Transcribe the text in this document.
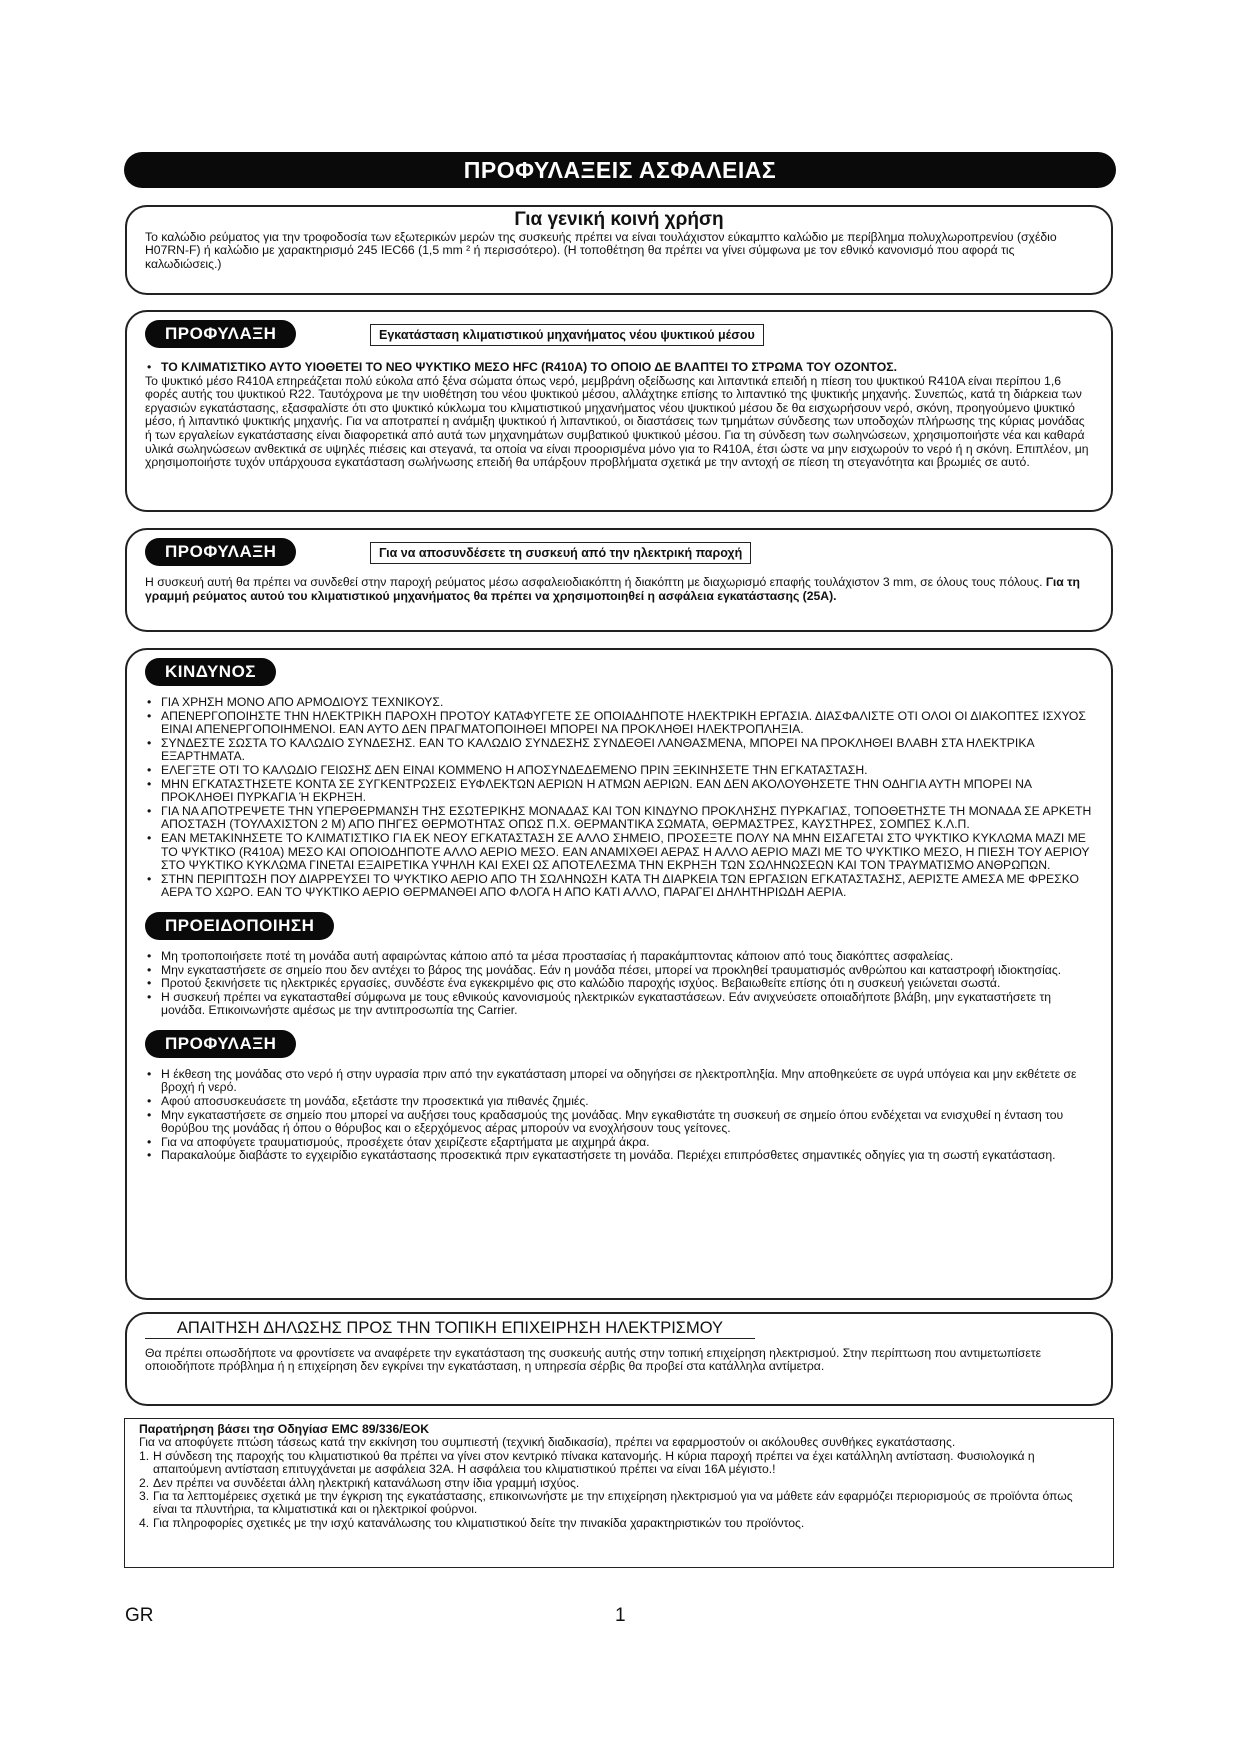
ΠΡΟΦΥΛΑΞΕΙΣ ΑΣΦΑΛΕΙΑΣ

Για γενική κοινή χρήση

Το καλώδιο ρεύματος για την τροφοδοσία των εξωτερικών μερών της συσκευής πρέπει να είναι τουλάχιστον εύκαμπτο καλώδιο με περίβλημα πολυχλωροπρενίου (σχέδιο H07RN-F) ή καλώδιο με χαρακτηρισμό 245 IEC66 (1,5 mm ² ή περισσότερο). (Η τοποθέτηση θα πρέπει να γίνει σύμφωνα με τον εθνικό κανονισμό που αφορά τις καλωδιώσεις.)

ΠΡΟΦΥΛΑΞΗ	Εγκατάσταση κλιματιστικού μηχανήματος νέου ψυκτικού μέσου
• ΤΟ ΚΛΙΜΑΤΙΣΤΙΚΟ ΑΥΤΟ ΥΙΟΘΕΤΕΙ ΤΟ ΝΕΟ ΨΥΚΤΙΚΟ ΜΕΣΟ HFC (R410A) ΤΟ ΟΠΟΙΟ ΔΕ ΒΛΑΠΤΕΙ ΤΟ ΣΤΡΩΜΑ ΤΟΥ ΟΖΟΝΤΟΣ.

Το ψυκτικό μέσο R410A επηρεάζεται πολύ εύκολα από ξένα σώματα όπως νερό, μεμβράνη οξείδωσης και λιπαντικά επειδή η πίεση του ψυκτικού R410A είναι περίπου 1,6 φορές αυτής του ψυκτικού R22. Ταυτόχρονα με την υιοθέτηση του νέου ψυκτικού μέσου, αλλάχτηκε επίσης το λιπαντικό της ψυκτικής μηχανής. Συνεπώς, κατά τη διάρκεια των εργασιών εγκατάστασης, εξασφαλίστε ότι στο ψυκτικό κύκλωμα του κλιματιστικού μηχανήματος νέου ψυκτικού μέσου δε θα εισχωρήσουν νερό, σκόνη, προηγούμενο ψυκτικό μέσο, ή λιπαντικό ψυκτικής μηχανής. Για να αποτραπεί η ανάμιξη ψυκτικού ή λιπαντικού, οι διαστάσεις των τμημάτων σύνδεσης των υποδοχών πλήρωσης της κύριας μονάδας ή των εργαλείων εγκατάστασης είναι διαφορετικά από αυτά των μηχανημάτων συμβατικού ψυκτικού μέσου. Για τη σύνδεση των σωληνώσεων, χρησιμοποιήστε νέα και καθαρά υλικά σωληνώσεων ανθεκτικά σε υψηλές πιέσεις και στεγανά, τα οποία να είναι προορισμένα μόνο για το R410A, έτσι ώστε να μην εισχωρούν το νερό ή η σκόνη. Επιπλέον, μη χρησιμοποιήστε τυχόν υπάρχουσα εγκατάσταση σωλήνωσης επειδή θα υπάρξουν προβλήματα σχετικά με την αντοχή σε πίεση τη στεγανότητα και βρωμιές σε αυτό.

ΠΡΟΦΥΛΑΞΗ	Για να αποσυνδέσετε τη συσκευή από την ηλεκτρική παροχή

Η συσκευή αυτή θα πρέπει να συνδεθεί στην παροχή ρεύματος μέσω ασφαλειοδιακόπτη ή διακόπτη με διαχωρισμό επαφής τουλάχιστον 3 mm, σε όλους τους πόλους. Για τη γραμμή ρεύματος αυτού του κλιματιστικού μηχανήματος θα πρέπει να χρησιμοποιηθεί η ασφάλεια εγκατάστασης (25A).

ΚΙΝΔΥΝΟΣ
• ΓΙΑ ΧΡΗΣΗ ΜΟΝΟ ΑΠΟ ΑΡΜΟΔΙΟΥΣ ΤΕΧΝΙΚΟΥΣ.
• ΑΠΕΝΕΡΓΟΠΟΙΗΣΤΕ ΤΗΝ ΗΛΕΚΤΡΙΚΗ ΠΑΡΟΧΗ ΠΡΟΤΟΥ ΚΑΤΑΦΥΓΕΤΕ ΣΕ ΟΠΟΙΑΔΗΠΟΤΕ ΗΛΕΚΤΡΙΚΗ ΕΡΓΑΣΙΑ. ΔΙΑΣΦΑΛΙΣΤΕ ΟΤΙ ΟΛΟΙ ΟΙ ΔΙΑΚΟΠΤΕΣ ΙΣΧΥΟΣ ΕΙΝΑΙ ΑΠΕΝΕΡΓΟΠΟΙΗΜΕΝΟΙ. ΕΑΝ ΑΥΤΟ ΔΕΝ ΠΡΑΓΜΑΤΟΠΟΙΗΘΕΙ ΜΠΟΡΕΙ ΝΑ ΠΡΟΚΛΗΘΕΙ ΗΛΕΚΤΡΟΠΛΗΞΙΑ.
• ΣΥΝΔΕΣΤΕ ΣΩΣΤΑ ΤΟ ΚΑΛΩΔΙΟ ΣΥΝΔΕΣΗΣ. ΕΑΝ ΤΟ ΚΑΛΩΔΙΟ ΣΥΝΔΕΣΗΣ ΣΥΝΔΕΘΕΙ ΛΑΝΘΑΣΜΕΝΑ, ΜΠΟΡΕΙ ΝΑ ΠΡΟΚΛΗΘΕΙ ΒΛΑΒΗ ΣΤΑ ΗΛΕΚΤΡΙΚΑ ΕΞΑΡΤΗΜΑΤΑ.
• ΕΛΕΓΞΤΕ ΟΤΙ ΤΟ ΚΑΛΩΔΙΟ ΓΕΙΩΣΗΣ ΔΕΝ ΕΙΝΑΙ ΚΟΜΜΕΝΟ Η ΑΠΟΣΥΝΔΕΔΕΜΕΝΟ ΠΡΙΝ ΞΕΚΙΝΗΣΕΤΕ ΤΗΝ ΕΓΚΑΤΑΣΤΑΣΗ.
• ΜΗΝ ΕΓΚΑΤΑΣΤΗΣΕΤΕ ΚΟΝΤΑ ΣΕ ΣΥΓΚΕΝΤΡΩΣΕΙΣ ΕΥΦΛΕΚΤΩΝ ΑΕΡΙΩΝ Η ΑΤΜΩΝ ΑΕΡΙΩΝ. ΕΑΝ ΔΕΝ ΑΚΟΛΟΥΘΗΣΕΤΕ ΤΗΝ ΟΔΗΓΙΑ ΑΥΤΗ ΜΠΟΡΕΙ ΝΑ ΠΡΟΚΛΗΘΕΙ ΠΥΡΚΑΓΙΑ Ή ΕΚΡΗΞΗ.
• ΓΙΑ ΝΑ ΑΠΟΤΡΕΨΕΤΕ ΤΗΝ ΥΠΕΡΘΕΡΜΑΝΣΗ ΤΗΣ ΕΣΩΤΕΡΙΚΗΣ ΜΟΝΑΔΑΣ ΚΑΙ ΤΟΝ ΚΙΝΔΥΝΟ ΠΡΟΚΛΗΣΗΣ ΠΥΡΚΑΓΙΑΣ, ΤΟΠΟΘΕΤΗΣΤΕ ΤΗ ΜΟΝΑΔΑ ΣΕ ΑΡΚΕΤΗ ΑΠΟΣΤΑΣΗ (ΤΟΥΛΑΧΙΣΤΟΝ 2 Μ) ΑΠΟ ΠΗΓΕΣ ΘΕΡΜΟΤΗΤΑΣ ΟΠΩΣ Π.Χ. ΘΕΡΜΑΝΤΙΚΑ ΣΩΜΑΤΑ, ΘΕΡΜΑΣΤΡΕΣ, ΚΑΥΣΤΗΡΕΣ, ΣΟΜΠΕΣ Κ.Λ.Π.
• ΕΑΝ ΜΕΤΑΚΙΝΗΣΕΤΕ ΤΟ ΚΛΙΜΑΤΙΣΤΙΚΟ ΓΙΑ ΕΚ ΝΕΟΥ ΕΓΚΑΤΑΣΤΑΣΗ ΣΕ ΑΛΛΟ ΣΗΜΕΙΟ, ΠΡΟΣΕΞΤΕ ΠΟΛΥ ΝΑ ΜΗΝ ΕΙΣΑΓΕΤΑΙ ΣΤΟ ΨΥΚΤΙΚΟ ΚΥΚΛΩΜΑ ΜΑΖΙ ΜΕ ΤΟ ΨΥΚΤΙΚΟ (R410A) ΜΕΣΟ ΚΑΙ ΟΠΟΙΟΔΗΠΟΤΕ ΑΛΛΟ ΑΕΡΙΟ ΜΕΣΟ. ΕΑΝ ΑΝΑΜΙΧΘΕΙ ΑΕΡΑΣ Η ΑΛΛΟ ΑΕΡΙΟ ΜΑΖΙ ΜΕ ΤΟ ΨΥΚΤΙΚΟ ΜΕΣΟ, Η ΠΙΕΣΗ ΤΟΥ ΑΕΡΙΟΥ ΣΤΟ ΨΥΚΤΙΚΟ ΚΥΚΛΩΜΑ ΓΙΝΕΤΑΙ ΕΞΑΙΡΕΤΙΚΑ ΥΨΗΛΗ ΚΑΙ ΕΧΕΙ ΩΣ ΑΠΟΤΕΛΕΣΜΑ ΤΗΝ ΕΚΡΗΞΗ ΤΩΝ ΣΩΛΗΝΩΣΕΩΝ ΚΑΙ ΤΟΝ ΤΡΑΥΜΑΤΙΣΜΟ ΑΝΘΡΩΠΩΝ.
• ΣΤΗΝ ΠΕΡΙΠΤΩΣΗ ΠΟΥ ΔΙΑΡΡΕΥΣΕΙ ΤΟ ΨΥΚΤΙΚΟ ΑΕΡΙΟ ΑΠΟ ΤΗ ΣΩΛΗΝΩΣΗ ΚΑΤΑ ΤΗ ΔΙΑΡΚΕΙΑ ΤΩΝ ΕΡΓΑΣΙΩΝ ΕΓΚΑΤΑΣΤΑΣΗΣ, ΑΕΡΙΣΤΕ ΑΜΕΣΑ ΜΕ ΦΡΕΣΚΟ ΑΕΡΑ ΤΟ ΧΩΡΟ. ΕΑΝ ΤΟ ΨΥΚΤΙΚΟ ΑΕΡΙΟ ΘΕΡΜΑΝΘΕΙ ΑΠΟ ΦΛΟΓΑ Η ΑΠΟ ΚΑΤΙ ΑΛΛΟ, ΠΑΡΑΓΕΙ ΔΗΛΗΤΗΡΙΩΔΗ ΑΕΡΙΑ.
ΠΡΟΕΙΔΟΠΟΙΗΣΗ
• Μη τροποποιήσετε ποτέ τη μονάδα αυτή αφαιρώντας κάποιο από τα μέσα προστασίας ή παρακάμπτοντας κάποιον από τους διακόπτες ασφαλείας.
• Μην εγκαταστήσετε σε σημείο που δεν αντέχει το βάρος της μονάδας. Εάν η μονάδα πέσει, μπορεί να προκληθεί τραυματισμός ανθρώπου και καταστροφή ιδιοκτησίας.
• Προτού ξεκινήσετε τις ηλεκτρικές εργασίες, συνδέστε ένα εγκεκριμένο φις στο καλώδιο παροχής ισχύος. Βεβαιωθείτε επίσης ότι η συσκευή γειώνεται σωστά.
• Η συσκευή πρέπει να εγκατασταθεί σύμφωνα με τους εθνικούς κανονισμούς ηλεκτρικών εγκαταστάσεων. Εάν ανιχνεύσετε οποιαδήποτε βλάβη, μην εγκαταστήσετε τη μονάδα. Επικοινωνήστε αμέσως με την αντιπροσωπία της Carrier.
ΠΡΟΦΥΛΑΞΗ
• Η έκθεση της μονάδας στο νερό ή στην υγρασία πριν από την εγκατάσταση μπορεί να οδηγήσει σε ηλεκτροπληξία. Μην αποθηκεύετε σε υγρά υπόγεια και μην εκθέτετε σε βροχή ή νερό.
• Αφού αποσυσκευάσετε τη μονάδα, εξετάστε την προσεκτικά για πιθανές ζημιές.
• Μην εγκαταστήσετε σε σημείο που μπορεί να αυξήσει τους κραδασμούς της μονάδας. Μην εγκαθιστάτε τη συσκευή σε σημείο όπου ενδέχεται να ενισχυθεί η ένταση του θορύβου της μονάδας ή όπου ο θόρυβος και ο εξερχόμενος αέρας μπορούν να ενοχλήσουν τους γείτονες.
• Για να αποφύγετε τραυματισμούς, προσέχετε όταν χειρίζεστε εξαρτήματα με αιχμηρά άκρα.
• Παρακαλούμε διαβάστε το εγχειρίδιο εγκατάστασης προσεκτικά πριν εγκαταστήσετε τη μονάδα. Περιέχει επιπρόσθετες σημαντικές οδηγίες για τη σωστή εγκατάσταση.

ΑΠΑΙΤΗΣΗ ΔΗΛΩΣΗΣ ΠΡΟΣ ΤΗΝ ΤΟΠΙΚΗ ΕΠΙΧΕΙΡΗΣΗ ΗΛΕΚΤΡΙΣΜΟΥ

Θα πρέπει οπωσδήποτε να φροντίσετε να αναφέρετε την εγκατάσταση της συσκευής αυτής στην τοπική επιχείρηση ηλεκτρισμού. Στην περίπτωση που αντιμετωπίσετε οποιοδήποτε πρόβλημα ή η επιχείρηση δεν εγκρίνει την εγκατάσταση, η υπηρεσία σέρβις θα προβεί στα κατάλληλα αντίμετρα.

Παρατήρηση βάσει τησ Οδηγίασ EMC 89/336/EOK

Για να αποφύγετε πτώση τάσεως κατά την εκκίνηση του συμπιεστή (τεχνική διαδικασία), πρέπει να εφαρμοστούν οι ακόλουθες συνθήκες εγκατάστασης.

1. Η σύνδεση της παροχής του κλιματιστικού θα πρέπει να γίνει στον κεντρικό πίνακα κατανομής. Η κύρια παροχή πρέπει να έχει κατάλληλη αντίσταση. Φυσιολογικά η απαιτούμενη αντίσταση επιτυγχάνεται με ασφάλεια 32A. Η ασφάλεια του κλιματιστικού πρέπει να είναι 16A μέγιστο.!
2. Δεν πρέπει να συνδέεται άλλη ηλεκτρική κατανάλωση στην ίδια γραμμή ισχύος.
3. Για τα λεπτομέρειες σχετικά με την έγκριση της εγκατάστασης, επικοινωνήστε με την επιχείρηση ηλεκτρισμού για να μάθετε εάν εφαρμόζει περιορισμούς σε προϊόντα όπως είναι τα πλυντήρια, τα κλιματιστικά και οι ηλεκτρικοί φούρνοι.
4. Για πληροφορίες σχετικές με την ισχύ κατανάλωσης του κλιματιστικού δείτε την πινακίδα χαρακτηριστικών του προϊόντος.
GR	1
